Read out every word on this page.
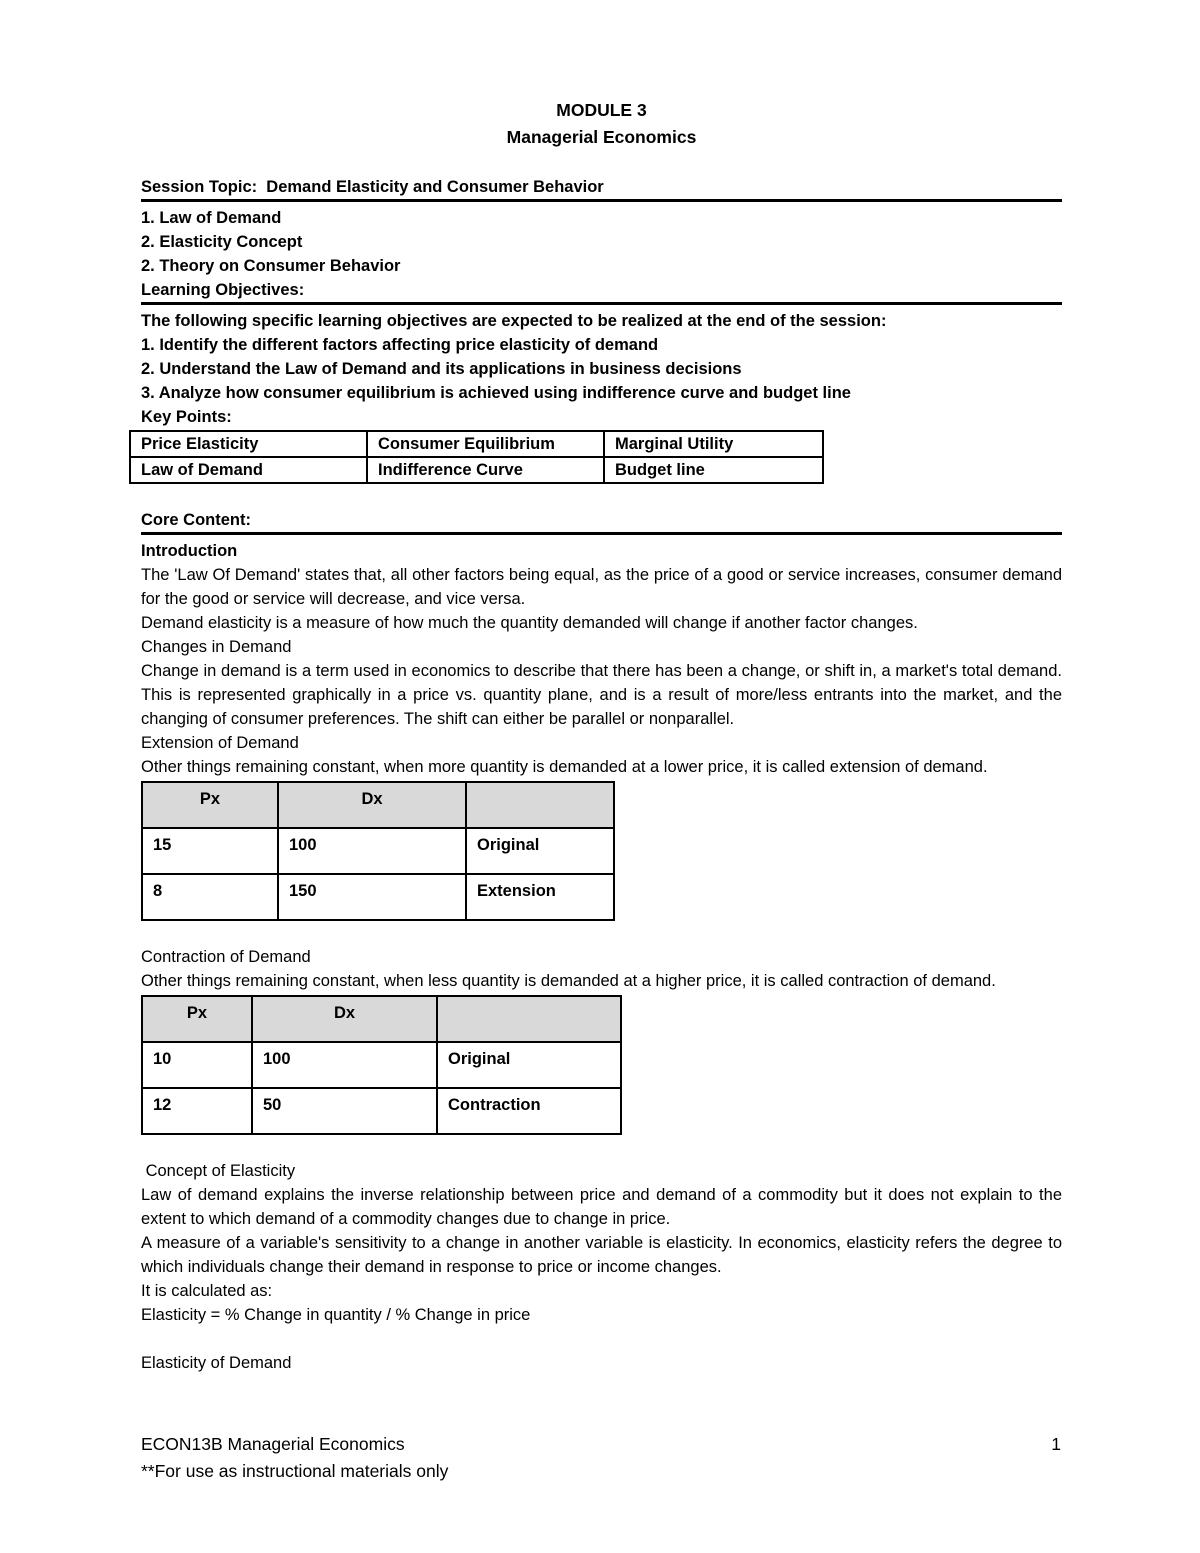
MODULE 3
Managerial Economics
Session Topic:  Demand Elasticity and Consumer Behavior
1. Law of Demand
2. Elasticity Concept
2. Theory on Consumer Behavior
Learning Objectives:
The following specific learning objectives are expected to be realized at the end of the session:
1. Identify the different factors affecting price elasticity of demand
2. Understand the Law of Demand and its applications in business decisions
3. Analyze how consumer equilibrium is achieved using indifference curve and budget line
Key Points:
Price Elasticity	Consumer Equilibrium	Marginal Utility
Law of Demand	Indifference Curve	Budget line
Core Content:
Introduction
The 'Law Of Demand' states that, all other factors being equal, as the price of a good or service increases, consumer demand for the good or service will decrease, and vice versa.
Demand elasticity is a measure of how much the quantity demanded will change if another factor changes.
Changes in Demand
Change in demand is a term used in economics to describe that there has been a change, or shift in, a market's total demand. This is represented graphically in a price vs. quantity plane, and is a result of more/less entrants into the market, and the changing of consumer preferences. The shift can either be parallel or nonparallel.
Extension of Demand
Other things remaining constant, when more quantity is demanded at a lower price, it is called extension of demand.
Px	Dx	
15	100	Original
8	150	Extension
Contraction of Demand
Other things remaining constant, when less quantity is demanded at a higher price, it is called contraction of demand.
Px	Dx	
10	100	Original
12	50	Contraction
Concept of Elasticity
Law of demand explains the inverse relationship between price and demand of a commodity but it does not explain to the extent to which demand of a commodity changes due to change in price.
A measure of a variable's sensitivity to a change in another variable is elasticity. In economics, elasticity refers the degree to which individuals change their demand in response to price or income changes.
It is calculated as:
Elasticity = % Change in quantity / % Change in price
Elasticity of Demand
ECON13B Managerial Economics
**For use as instructional materials only
1
